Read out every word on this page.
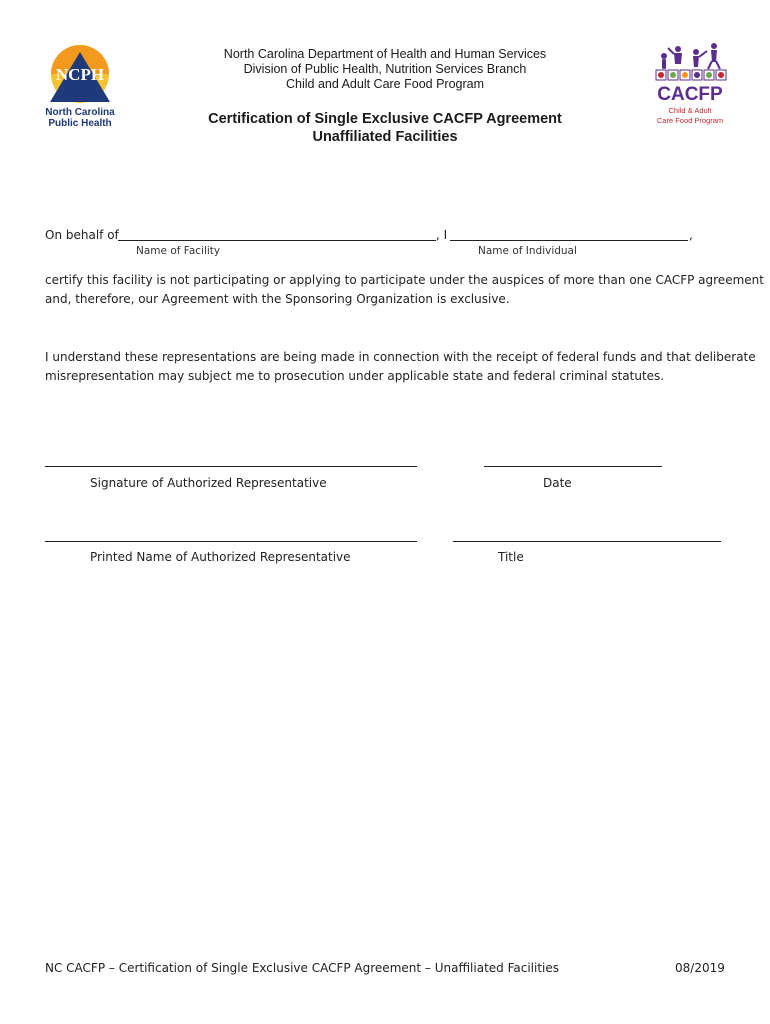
NCPH
North Carolina
Public Health
North Carolina Department of Health and Human Services
Division of Public Health, Nutrition Services Branch
Child and Adult Care Food Program	CACFP
Child & Adult
Care Food Program
Certification of Single Exclusive CACFP Agreement
Unaffiliated Facilities
On behalf of	, I	,
Name of Facility	Name of Individual
certify this facility is not participating or applying to participate under the auspices of more than one CACFP agreement
and, therefore, our Agreement with the Sponsoring Organization is exclusive.
I understand these representations are being made in connection with the receipt of federal funds and that deliberate
misrepresentation may subject me to prosecution under applicable state and federal criminal statutes.
Signature of Authorized Representative	Date
Printed Name of Authorized Representative	Title
NC CACFP – Certification of Single Exclusive CACFP Agreement – Unaffiliated Facilities	08/2019
